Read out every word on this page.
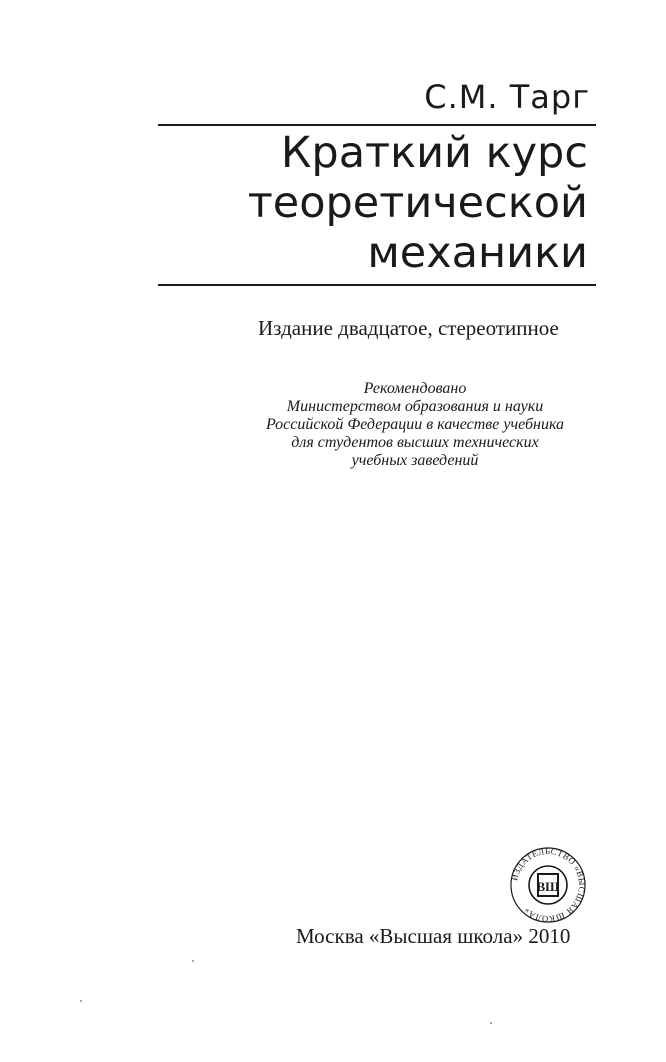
С.М. Тарг
Краткий курс
теоретической
механики
Издание двадцатое, стереотипное
Рекомендовано
Министерством образования и науки
Российской Федерации в качестве учебника
для студентов высших технических
учебных заведений
ИЗДАТЕЛЬСТВО «ВЫСШАЯ ШКОЛА»
ВШ
Москва «Высшая школа» 2010
